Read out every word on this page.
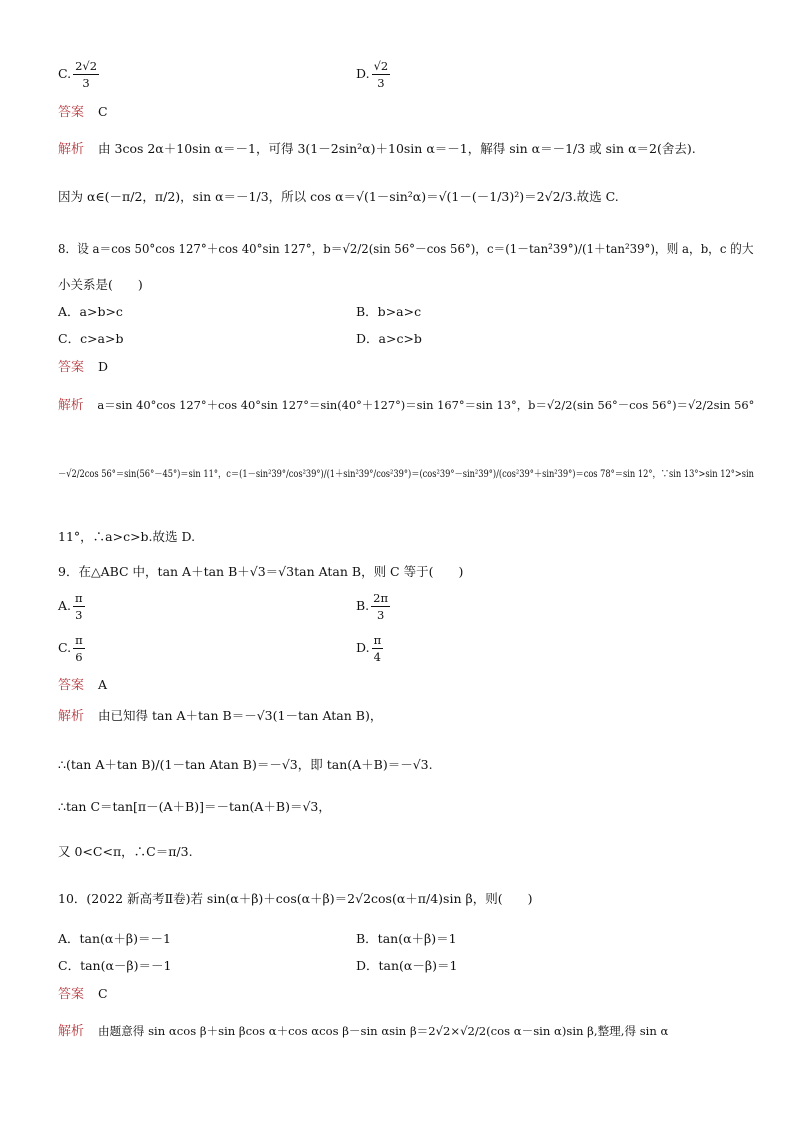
C. $\frac{2√2}{3}$	D. $\frac{√2}{3}$
答案 C
解析 由 3cos 2α＋10sin α＝－1，可得 3(1－2sin²α)＋10sin α＝－1，解得 sin α＝－1/3 或 sin α＝2(舍去).
因为 α∈(－π/2，π/2)，sin α＝－1/3，所以 cos α＝√(1－sin²α)＝√(1－(－1/3)²)＝2√2/3.故选 C.
8．设 a＝cos 50°cos 127°＋cos 40°sin 127°，b＝√2/2(sin 56°－cos 56°)，c＝(1－tan²39°)/(1＋tan²39°)，则 a，b，c 的大
小关系是(　　)
A．a>b>c	B．b>a>c
C．c>a>b	D．a>c>b
答案 D
解析 a＝sin 40°cos 127°＋cos 40°sin 127°＝sin(40°＋127°)＝sin 167°＝sin 13°，b＝√2/2(sin 56°－cos 56°)＝√2/2sin 56°
－√2/2cos 56°＝sin(56°－45°)＝sin 11°，c＝(1－sin²39°/cos²39°)/(1＋sin²39°/cos²39°)＝(cos²39°－sin²39°)/(cos²39°＋sin²39°)＝cos 78°＝sin 12°，∵sin 13°>sin 12°>sin
11°，∴a>c>b.故选 D.
9．在△ABC 中，tan A＋tan B＋√3＝√3tan Atan B，则 C 等于(　　)
A. $\frac{\pi}{3}$	B. $\frac{2\pi}{3}$
C. $\frac{\pi}{6}$	D. $\frac{\pi}{4}$
答案 A
解析 由已知得 tan A＋tan B＝－√3(1－tan Atan B)，
∴(tan A＋tan B)/(1－tan Atan B)＝－√3，即 tan(A＋B)＝－√3.
∴tan C＝tan[π－(A＋B)]＝－tan(A＋B)＝√3，
又 0<C<π，∴C＝π/3.
10．(2022 新高考Ⅱ卷)若 sin(α＋β)＋cos(α＋β)＝2√2cos(α＋π/4)sin β，则(　　)
A．tan(α＋β)＝－1	B．tan(α＋β)＝1
C．tan(α－β)＝－1	D．tan(α－β)＝1
答案 C
解析 由题意得 sin αcos β＋sin βcos α＋cos αcos β－sin αsin β＝2√2×√2/2(cos α－sin α)sin β,整理,得 sin α
